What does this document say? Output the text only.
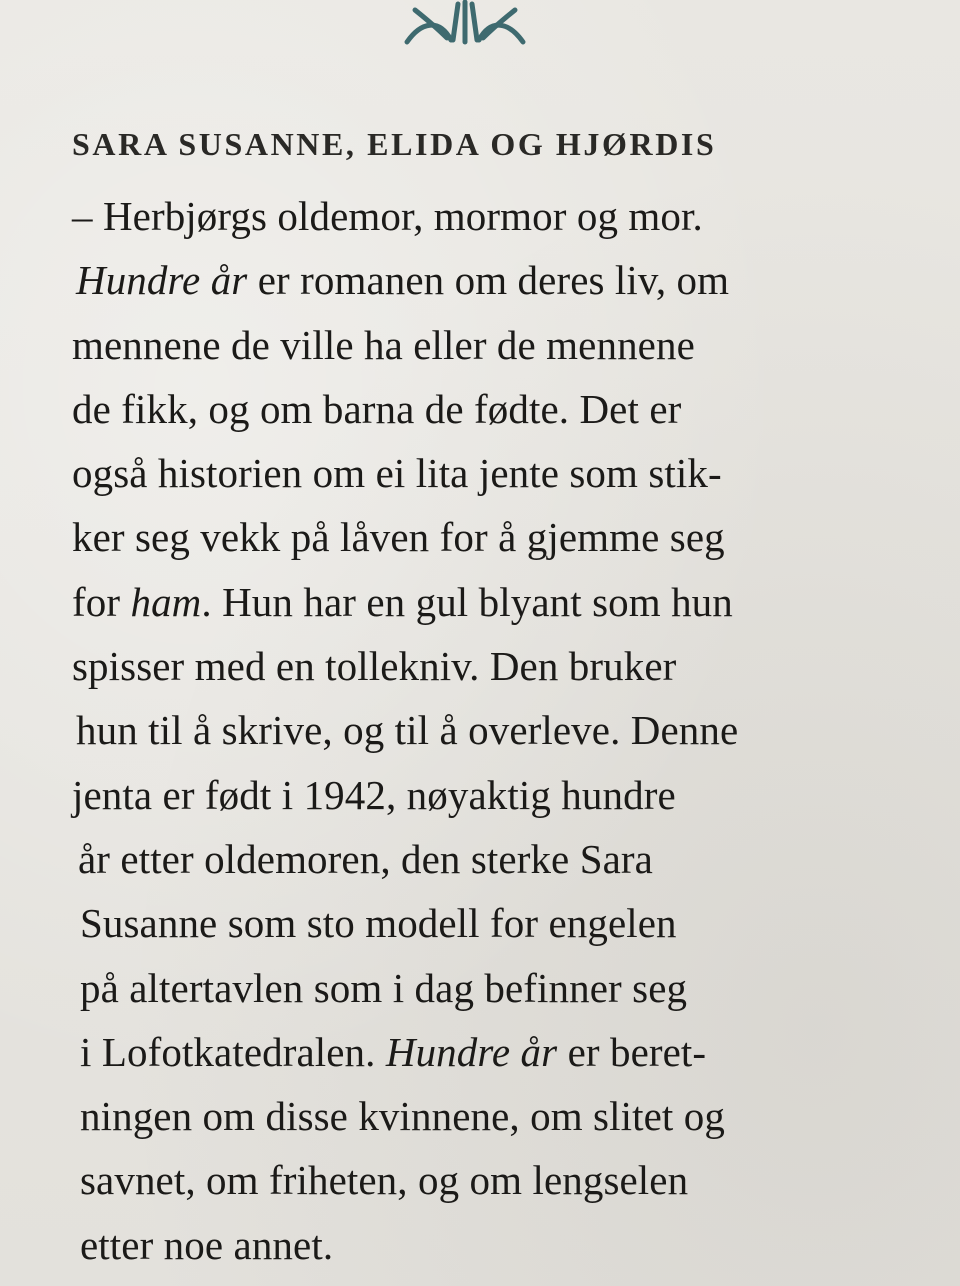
SARA SUSANNE, ELIDA OG HJØRDIS
– Herbjørgs oldemor, mormor og mor.
Hundre år er romanen om deres liv, om
mennene de ville ha eller de mennene
de fikk, og om barna de fødte. Det er
også historien om ei lita jente som stik-
ker seg vekk på låven for å gjemme seg
for ham. Hun har en gul blyant som hun
spisser med en tollekniv. Den bruker
hun til å skrive, og til å overleve. Denne
jenta er født i 1942, nøyaktig hundre
år etter oldemoren, den sterke Sara
Susanne som sto modell for engelen
på altertavlen som i dag befinner seg
i Lofotkatedralen. Hundre år er beret-
ningen om disse kvinnene, om slitet og
savnet, om friheten, og om lengselen
etter noe annet.
